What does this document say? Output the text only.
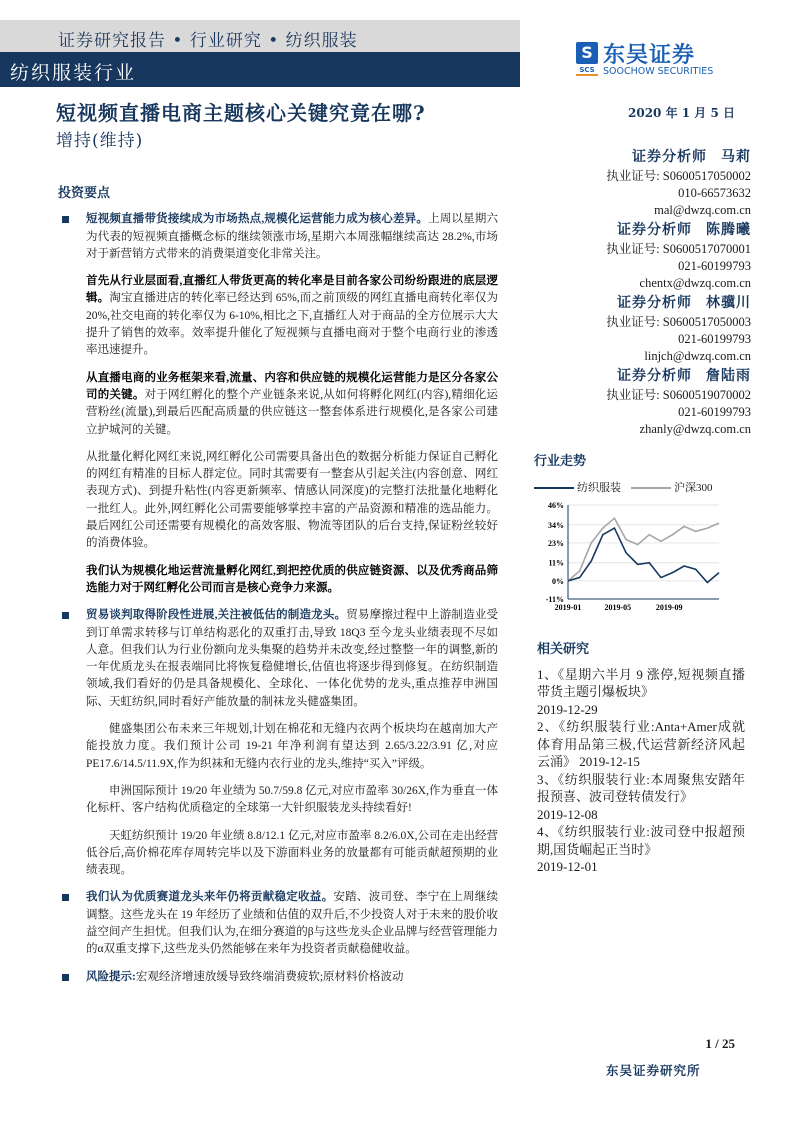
证券研究报告 • 行业研究 • 纺织服装
纺织服装行业
S
SCS
东吴证券
SOOCHOW SECURITIES
短视频直播电商主题核心关键究竟在哪?
增持(维持)
2020 年 1 月 5 日
证券分析师 马莉
执业证号: S0600517050002
010-66573632
mal@dwzq.com.cn
证券分析师 陈腾曦
执业证号: S0600517070001
021-60199793
chentx@dwzq.com.cn
证券分析师 林骥川
执业证号: S0600517050003
021-60199793
linjch@dwzq.com.cn
证券分析师 詹陆雨
执业证号: S0600519070002
021-60199793
zhanly@dwzq.com.cn
投资要点
短视频直播带货接续成为市场热点,规模化运营能力成为核心差异。上周以星期六为代表的短视频直播概念标的继续领涨市场,星期六本周涨幅继续高达 28.2%,市场对于新营销方式带来的消费渠道变化非常关注。
首先从行业层面看,直播红人带货更高的转化率是目前各家公司纷纷跟进的底层逻辑。淘宝直播进店的转化率已经达到 65%,而之前顶级的网红直播电商转化率仅为 20%,社交电商的转化率仅为 6-10%,相比之下,直播红人对于商品的全方位展示大大提升了销售的效率。效率提升催化了短视频与直播电商对于整个电商行业的渗透率迅速提升。
从直播电商的业务框架来看,流量、内容和供应链的规模化运营能力是区分各家公司的关键。对于网红孵化的整个产业链条来说,从如何将孵化网红(内容),精细化运营粉丝(流量),到最后匹配高质量的供应链这一整套体系进行规模化,是各家公司建立护城河的关键。
从批量化孵化网红来说,网红孵化公司需要具备出色的数据分析能力保证自己孵化的网红有精准的目标人群定位。同时其需要有一整套从引起关注(内容创意、网红表现方式)、到提升粘性(内容更新频率、情感认同深度)的完整打法批量化地孵化一批红人。此外,网红孵化公司需要能够掌控丰富的产品资源和精准的选品能力。最后网红公司还需要有规模化的高效客服、物流等团队的后台支持,保证粉丝较好的消费体验。
我们认为规模化地运营流量孵化网红,到把控优质的供应链资源、以及优秀商品筛选能力对于网红孵化公司而言是核心竞争力来源。
贸易谈判取得阶段性进展,关注被低估的制造龙头。贸易摩擦过程中上游制造业受到订单需求转移与订单结构恶化的双重打击,导致 18Q3 至今龙头业绩表现不尽如人意。但我们认为行业份额向龙头集聚的趋势并未改变,经过整整一年的调整,新的一年优质龙头在报表端同比将恢复稳健增长,估值也将逐步得到修复。在纺织制造领域,我们看好的仍是具备规模化、全球化、一体化优势的龙头,重点推荐申洲国际、天虹纺织,同时看好产能放量的制袜龙头健盛集团。
健盛集团公布未来三年规划,计划在棉花和无缝内衣两个板块均在越南加大产能投放力度。我们预计公司 19-21 年净利润有望达到 2.65/3.22/3.91 亿,对应 PE17.6/14.5/11.9X,作为织袜和无缝内衣行业的龙头,维持“买入”评级。
申洲国际预计 19/20 年业绩为 50.7/59.8 亿元,对应市盈率 30/26X,作为垂直一体化标杆、客户结构优质稳定的全球第一大针织服装龙头持续看好!
天虹纺织预计 19/20 年业绩 8.8/12.1 亿元,对应市盈率 8.2/6.0X,公司在走出经营低谷后,高价棉花库存周转完毕以及下游面料业务的放量都有可能贡献超预期的业绩表现。
我们认为优质赛道龙头来年仍将贡献稳定收益。安踏、波司登、李宁在上周继续调整。这些龙头在 19 年经历了业绩和估值的双升后,不少投资人对于未来的股价收益空间产生担忧。但我们认为,在细分赛道的β与这些龙头企业品牌与经营管理能力的α双重支撑下,这些龙头仍然能够在来年为投资者贡献稳健收益。
风险提示:宏观经济增速放缓导致终端消费疲软;原材料价格波动
行业走势
纺织服装	沪深300
46%
34%
23%
11%
0%
-11%
2019-01	2019-05	2019-09
相关研究
1、《星期六半月 9 涨停,短视频直播带货主题引爆板块》
2019-12-29
2、《纺织服装行业:Anta+Amer成就体育用品第三极,代运营新经济风起云涌》 2019-12-15
3、《纺织服装行业:本周聚焦安踏年报预喜、波司登转债发行》
2019-12-08
4、《纺织服装行业:波司登中报超预期,国货崛起正当时》
2019-12-01
1 / 25
东吴证券研究所
